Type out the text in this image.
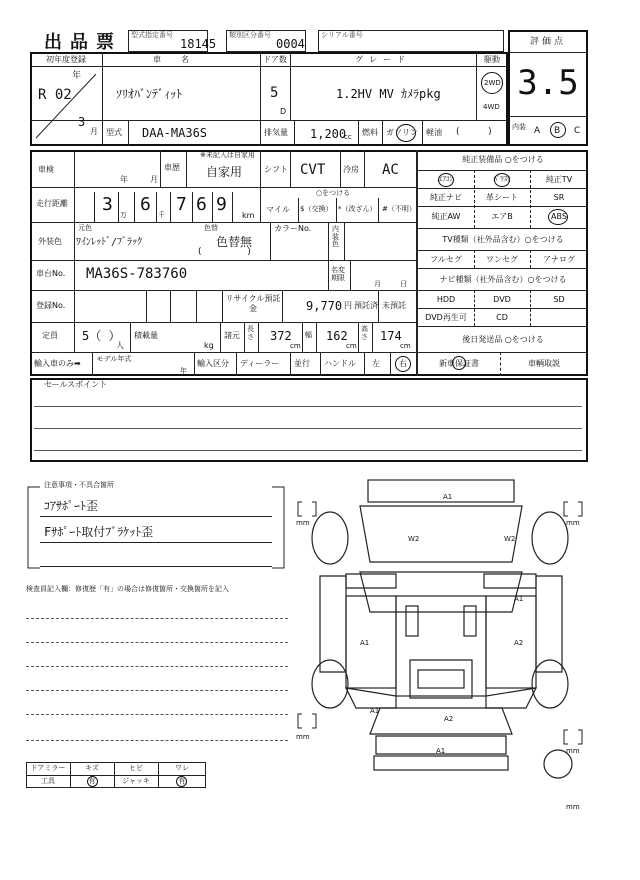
出品票 型式指定番号
18145
類別区分番号
0004
シリアル番号
評価点
3.5
内装 A B C
初年度登録
年
R 02
3
月
車名
ｿﾘｵﾊﾞﾝﾃﾞｨｯﾄ
ドア数
5
D
グレード
1.2HV MV ｶﾒﾗpkg
駆動
2WD
4WD
型式 DAA-MA36S	排気量 1,200
cc 燃料 ガソリン 軽油 (          )
車検
年	月
車歴
※未記入は自家用
自家用	シフト CVT 冷房 AC
走行距離 3 万 6 千 7 6 9
km
○をつける
マイル $（交換） *（改ざん） #（不明）
外装色
元色
ﾜｲﾝﾚｯﾄﾞ/ﾌﾞﾗｯｸ
色替
色替無
(                )
カラーNo.	内装色
車台No. MA36S-783760	名変期限
月	日
登録No.
リサイクル預託金	9,770 円 預託済 未預託
定員 5（ ）
人
積載量
kg
諸元
長さ 372
cm
幅 162
cm
高さ 174
cm
輸入車のみ➡	モデル年式
年
輸入区分 ディーラー 並行 ハンドル 左 右
純正装備品 ○をつける
ｴｱｺﾝ	ﾊﾟﾜｽﾃ	純正TV
純正ナビ	革シート	SR
純正AW	エアB	ABS
TV種類（社外品含む）○をつける
フルセグ	ワンセグ	アナログ
ナビ種類（社外品含む）○をつける
HDD	DVD	SD
DVD再生可	CD
後日発送品 ○をつける
新車保証書	車輌取説
セールスポイント
注意事項・不具合箇所
ｺｱｻﾎﾟｰﾄ歪
Fｻﾎﾟｰﾄ取付ﾌﾞﾗｹｯﾄ歪
検査員記入欄：修復歴「有」の場合は修復箇所・交換箇所を記入
ドアミラー	キズ	ヒビ	ワレ
工具	有	ジャッキ	有
A1
W2	W2
A1
A1	A2
A1
A2
A1
mm	mm
mm
mm
mm
